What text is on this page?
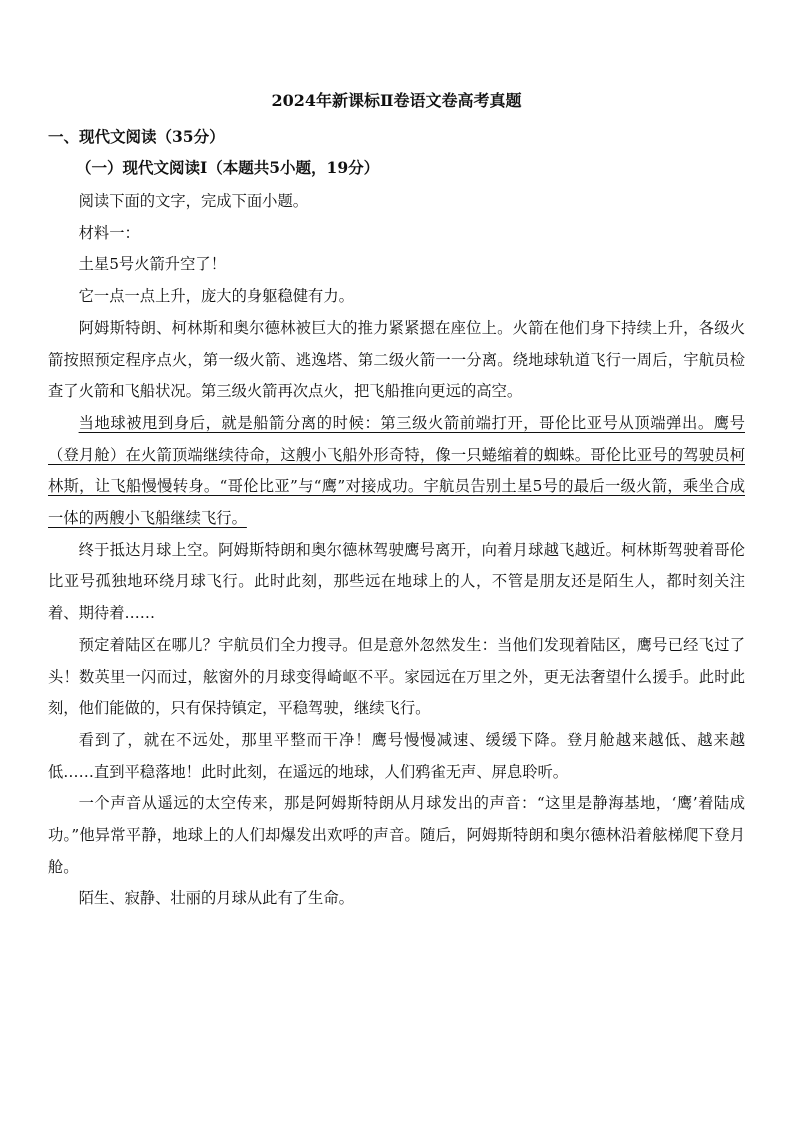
2024年新课标Ⅱ卷语文卷高考真题
一、现代文阅读（35分）
（一）现代文阅读Ⅰ（本题共5小题，19分）

阅读下面的文字，完成下面小题。

材料一：

土星5号火箭升空了！

它一点一点上升，庞大的身躯稳健有力。

阿姆斯特朗、柯林斯和奥尔德林被巨大的推力紧紧摁在座位上。火箭在他们身下持续上升，各级火箭按照预定程序点火，第一级火箭、逃逸塔、第二级火箭一一分离。绕地球轨道飞行一周后，宇航员检查了火箭和飞船状况。第三级火箭再次点火，把飞船推向更远的高空。

当地球被甩到身后，就是船箭分离的时候：第三级火箭前端打开，哥伦比亚号从顶端弹出。鹰号（登月舱）在火箭顶端继续待命，这艘小飞船外形奇特，像一只蜷缩着的蜘蛛。哥伦比亚号的驾驶员柯林斯，让飞船慢慢转身。“哥伦比亚”与“鹰”对接成功。宇航员告别土星5号的最后一级火箭，乘坐合成一体的两艘小飞船继续飞行。

终于抵达月球上空。阿姆斯特朗和奥尔德林驾驶鹰号离开，向着月球越飞越近。柯林斯驾驶着哥伦比亚号孤独地环绕月球飞行。此时此刻，那些远在地球上的人，不管是朋友还是陌生人，都时刻关注着、期待着……

预定着陆区在哪儿？宇航员们全力搜寻。但是意外忽然发生：当他们发现着陆区，鹰号已经飞过了头！数英里一闪而过，舷窗外的月球变得崎岖不平。家园远在万里之外，更无法奢望什么援手。此时此刻，他们能做的，只有保持镇定，平稳驾驶，继续飞行。

看到了，就在不远处，那里平整而干净！鹰号慢慢减速、缓缓下降。登月舱越来越低、越来越低……直到平稳落地！此时此刻，在遥远的地球，人们鸦雀无声、屏息聆听。

一个声音从遥远的太空传来，那是阿姆斯特朗从月球发出的声音：“这里是静海基地，‘鹰’着陆成功。”他异常平静，地球上的人们却爆发出欢呼的声音。随后，阿姆斯特朗和奥尔德林沿着舷梯爬下登月舱。

陌生、寂静、壮丽的月球从此有了生命。
